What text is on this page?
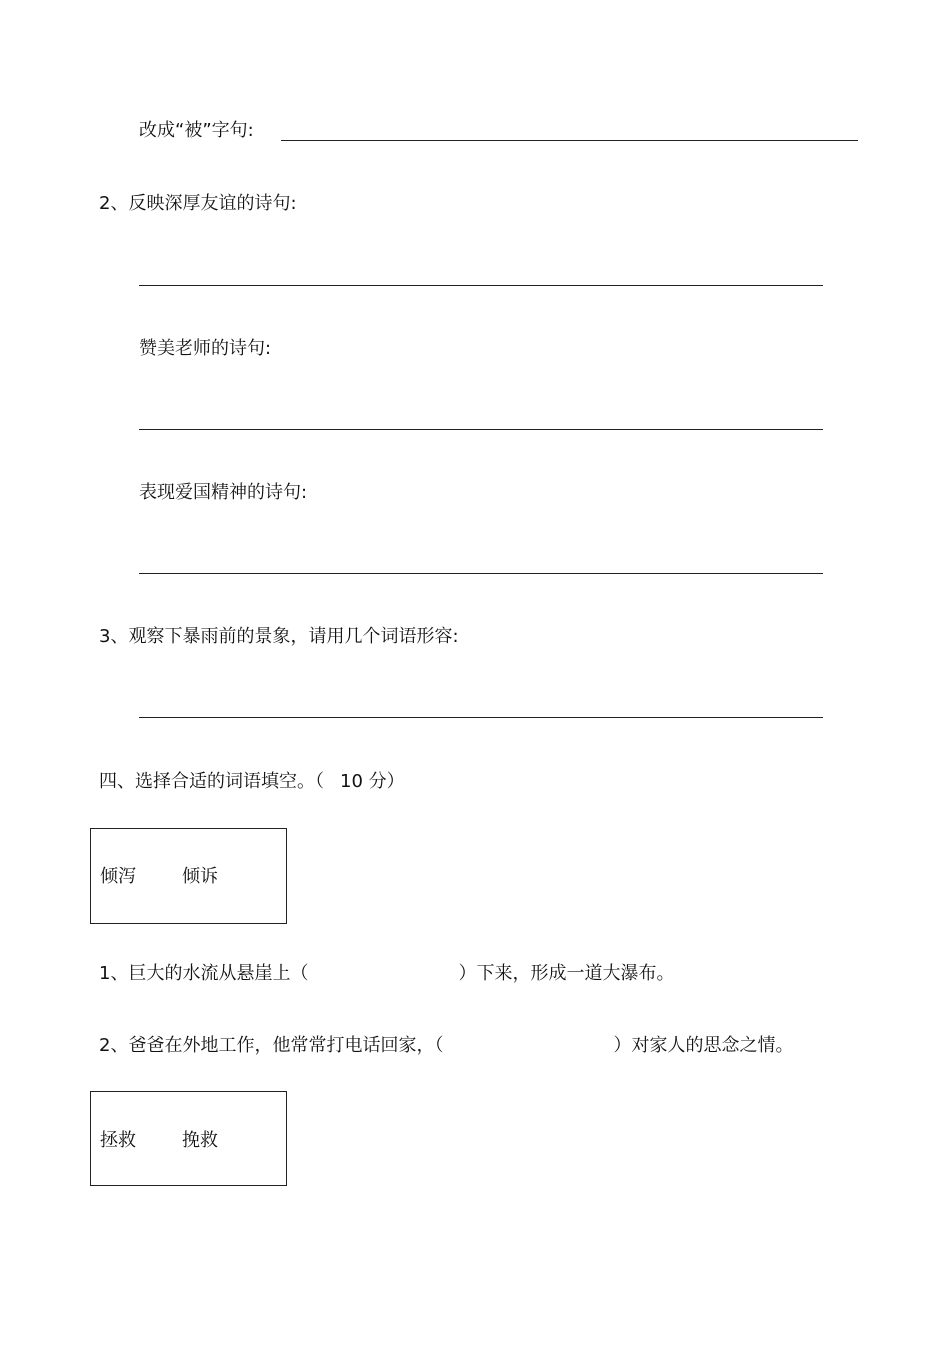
改成“被”字句:
2、反映深厚友谊的诗句:
赞美老师的诗句:
表现爱国精神的诗句:
3、观察下暴雨前的景象，请用几个词语形容:
四、选择合适的词语填空。（ 10 分）
倾泻	倾诉
1、巨大的水流从悬崖上（	）下来，形成一道大瀑布。
2、爸爸在外地工作，他常常打电话回家，（	）对家人的思念之情。
拯救	挽救
